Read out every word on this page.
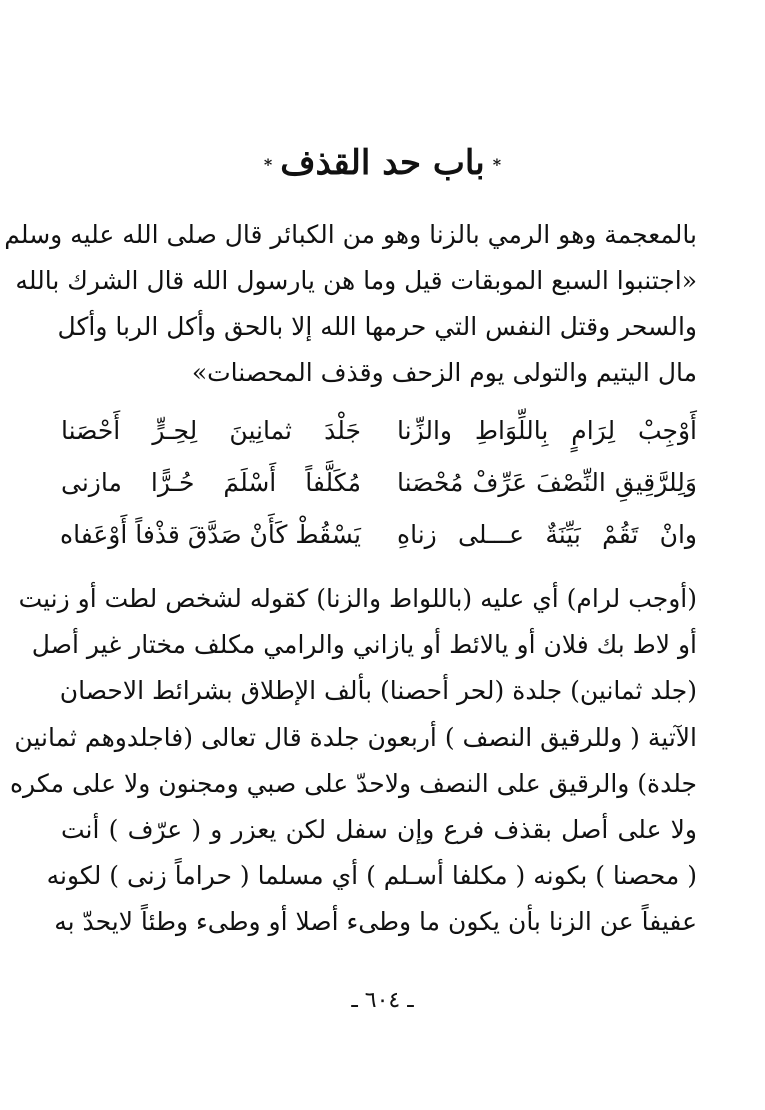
*باب حد القذف*
بالمعجمة وهو الرمي بالزنا وهو من الكبائر قال صلى الله عليه وسلم
«اجتنبوا السبع الموبقات قيل وما هن يارسول الله قال الشرك بالله
والسحر وقتل النفس التي حرمها الله إلا بالحق وأكل الربا وأكل
مال اليتيم والتولى يوم الزحف وقذف المحصنات»
أَوْجِبْ لِرَامٍ بِاللِّوَاطِ والزِّنا
جَلْدَ ثمانِينَ لِحِـرٍّ أَحْصَنا
وَلِلرَّقِيقِ النِّصْفَ عَرِّفْ مُحْصَنا
مُكَلَّفاً أَسْلَمَ حُـرًّا مازنى
وانْ تَقُمْ بَيِّنَةٌ عـــلى زناهِ
يَسْقُطْ كَأَنْ صَدَّقَ قذْفاً أَوْعَفاه
(أوجب لرام) أي عليه (باللواط والزنا) كقوله لشخص لطت أو زنيت
أو لاط بك فلان أو يالائط أو يازاني والرامي مكلف مختار غير أصل
(جلد ثمانين) جلدة (لحر أحصنا) بألف الإطلاق بشرائط الاحصان
الآتية ( وللرقيق النصف ) أربعون جلدة قال تعالى (فاجلدوهم ثمانين
جلدة) والرقيق على النصف ولاحدّ على صبي ومجنون ولا على مكره
ولا على أصل بقذف فرع وإن سفل لكن يعزر و ( عرّف ) أنت
( محصنا ) بكونه ( مكلفا أسـلم ) أي مسلما ( حراماً زنى ) لكونه
عفيفاً عن الزنا بأن يكون ما وطىء أصلا أو وطىء وطئاً لايحدّ به
ـ ٦٠٤ ـ
